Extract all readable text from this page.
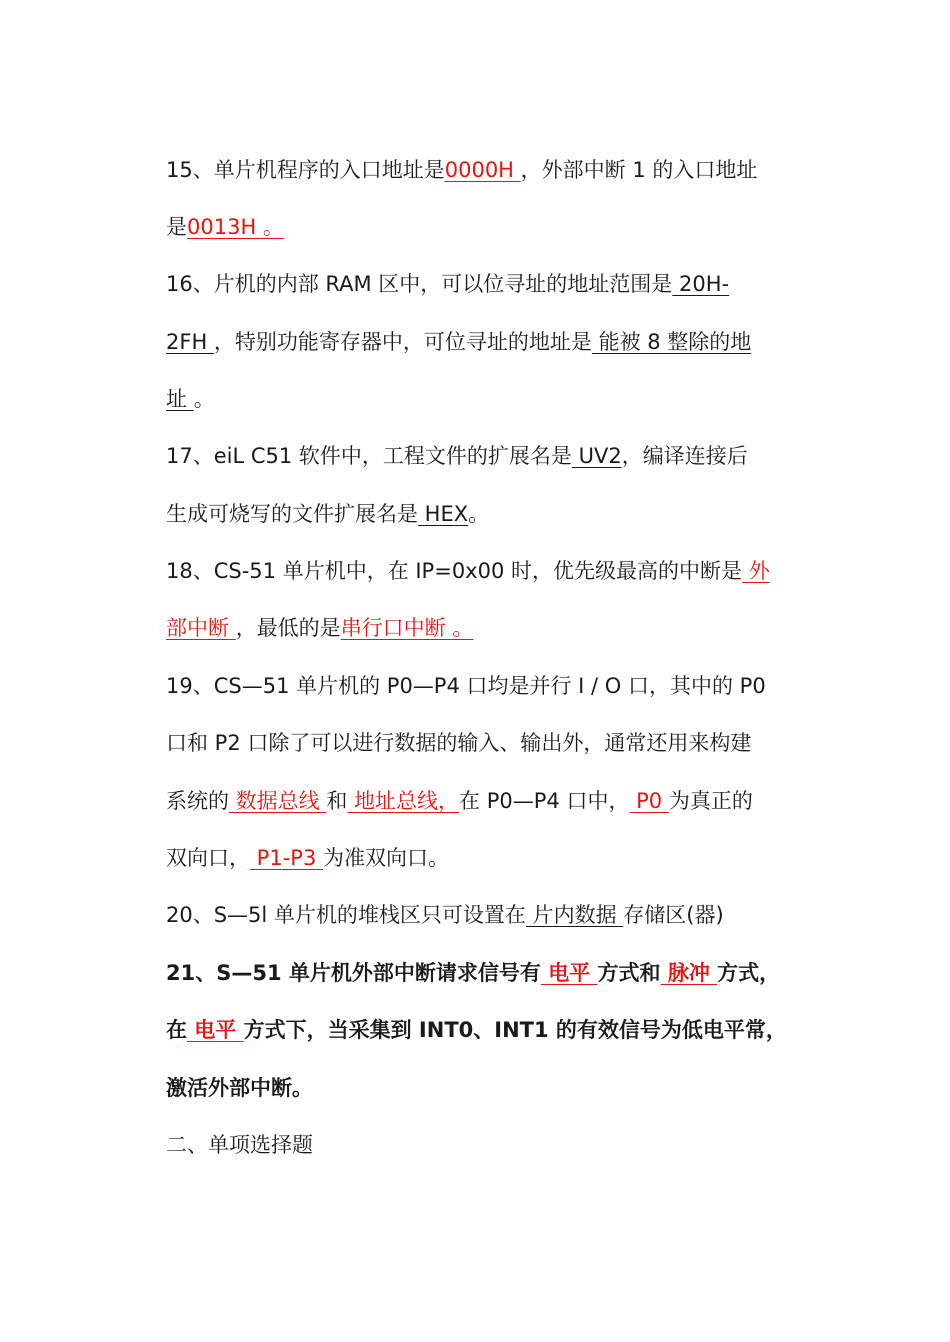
15、单片机程序的入口地址是0000H ，外部中断 1 的入口地址
是0013H 。
16、片机的内部 RAM 区中，可以位寻址的地址范围是 20H-
2FH ，特别功能寄存器中，可位寻址的地址是 能被 8 整除的地
址 。
17、eiL C51 软件中，工程文件的扩展名是 UV2，编译连接后
生成可烧写的文件扩展名是 HEX。
18、CS-51 单片机中，在 IP=0x00 时，优先级最高的中断是 外
部中断 ，最低的是串行口中断 。
19、CS—51 单片机的 P0—P4 口均是并行 I / O 口，其中的 P0
口和 P2 口除了可以进行数据的输入、输出外，通常还用来构建
系统的 数据总线 和 地址总线，在 P0—P4 口中， P0 为真正的
双向口， P1-P3 为准双向口。
20、S—5l 单片机的堆栈区只可设置在 片内数据 存储区(器)
21、S—51 单片机外部中断请求信号有 电平 方式和 脉冲 方式，
在 电平 方式下，当采集到 INT0、INT1 的有效信号为低电平常，
激活外部中断。
二、单项选择题
